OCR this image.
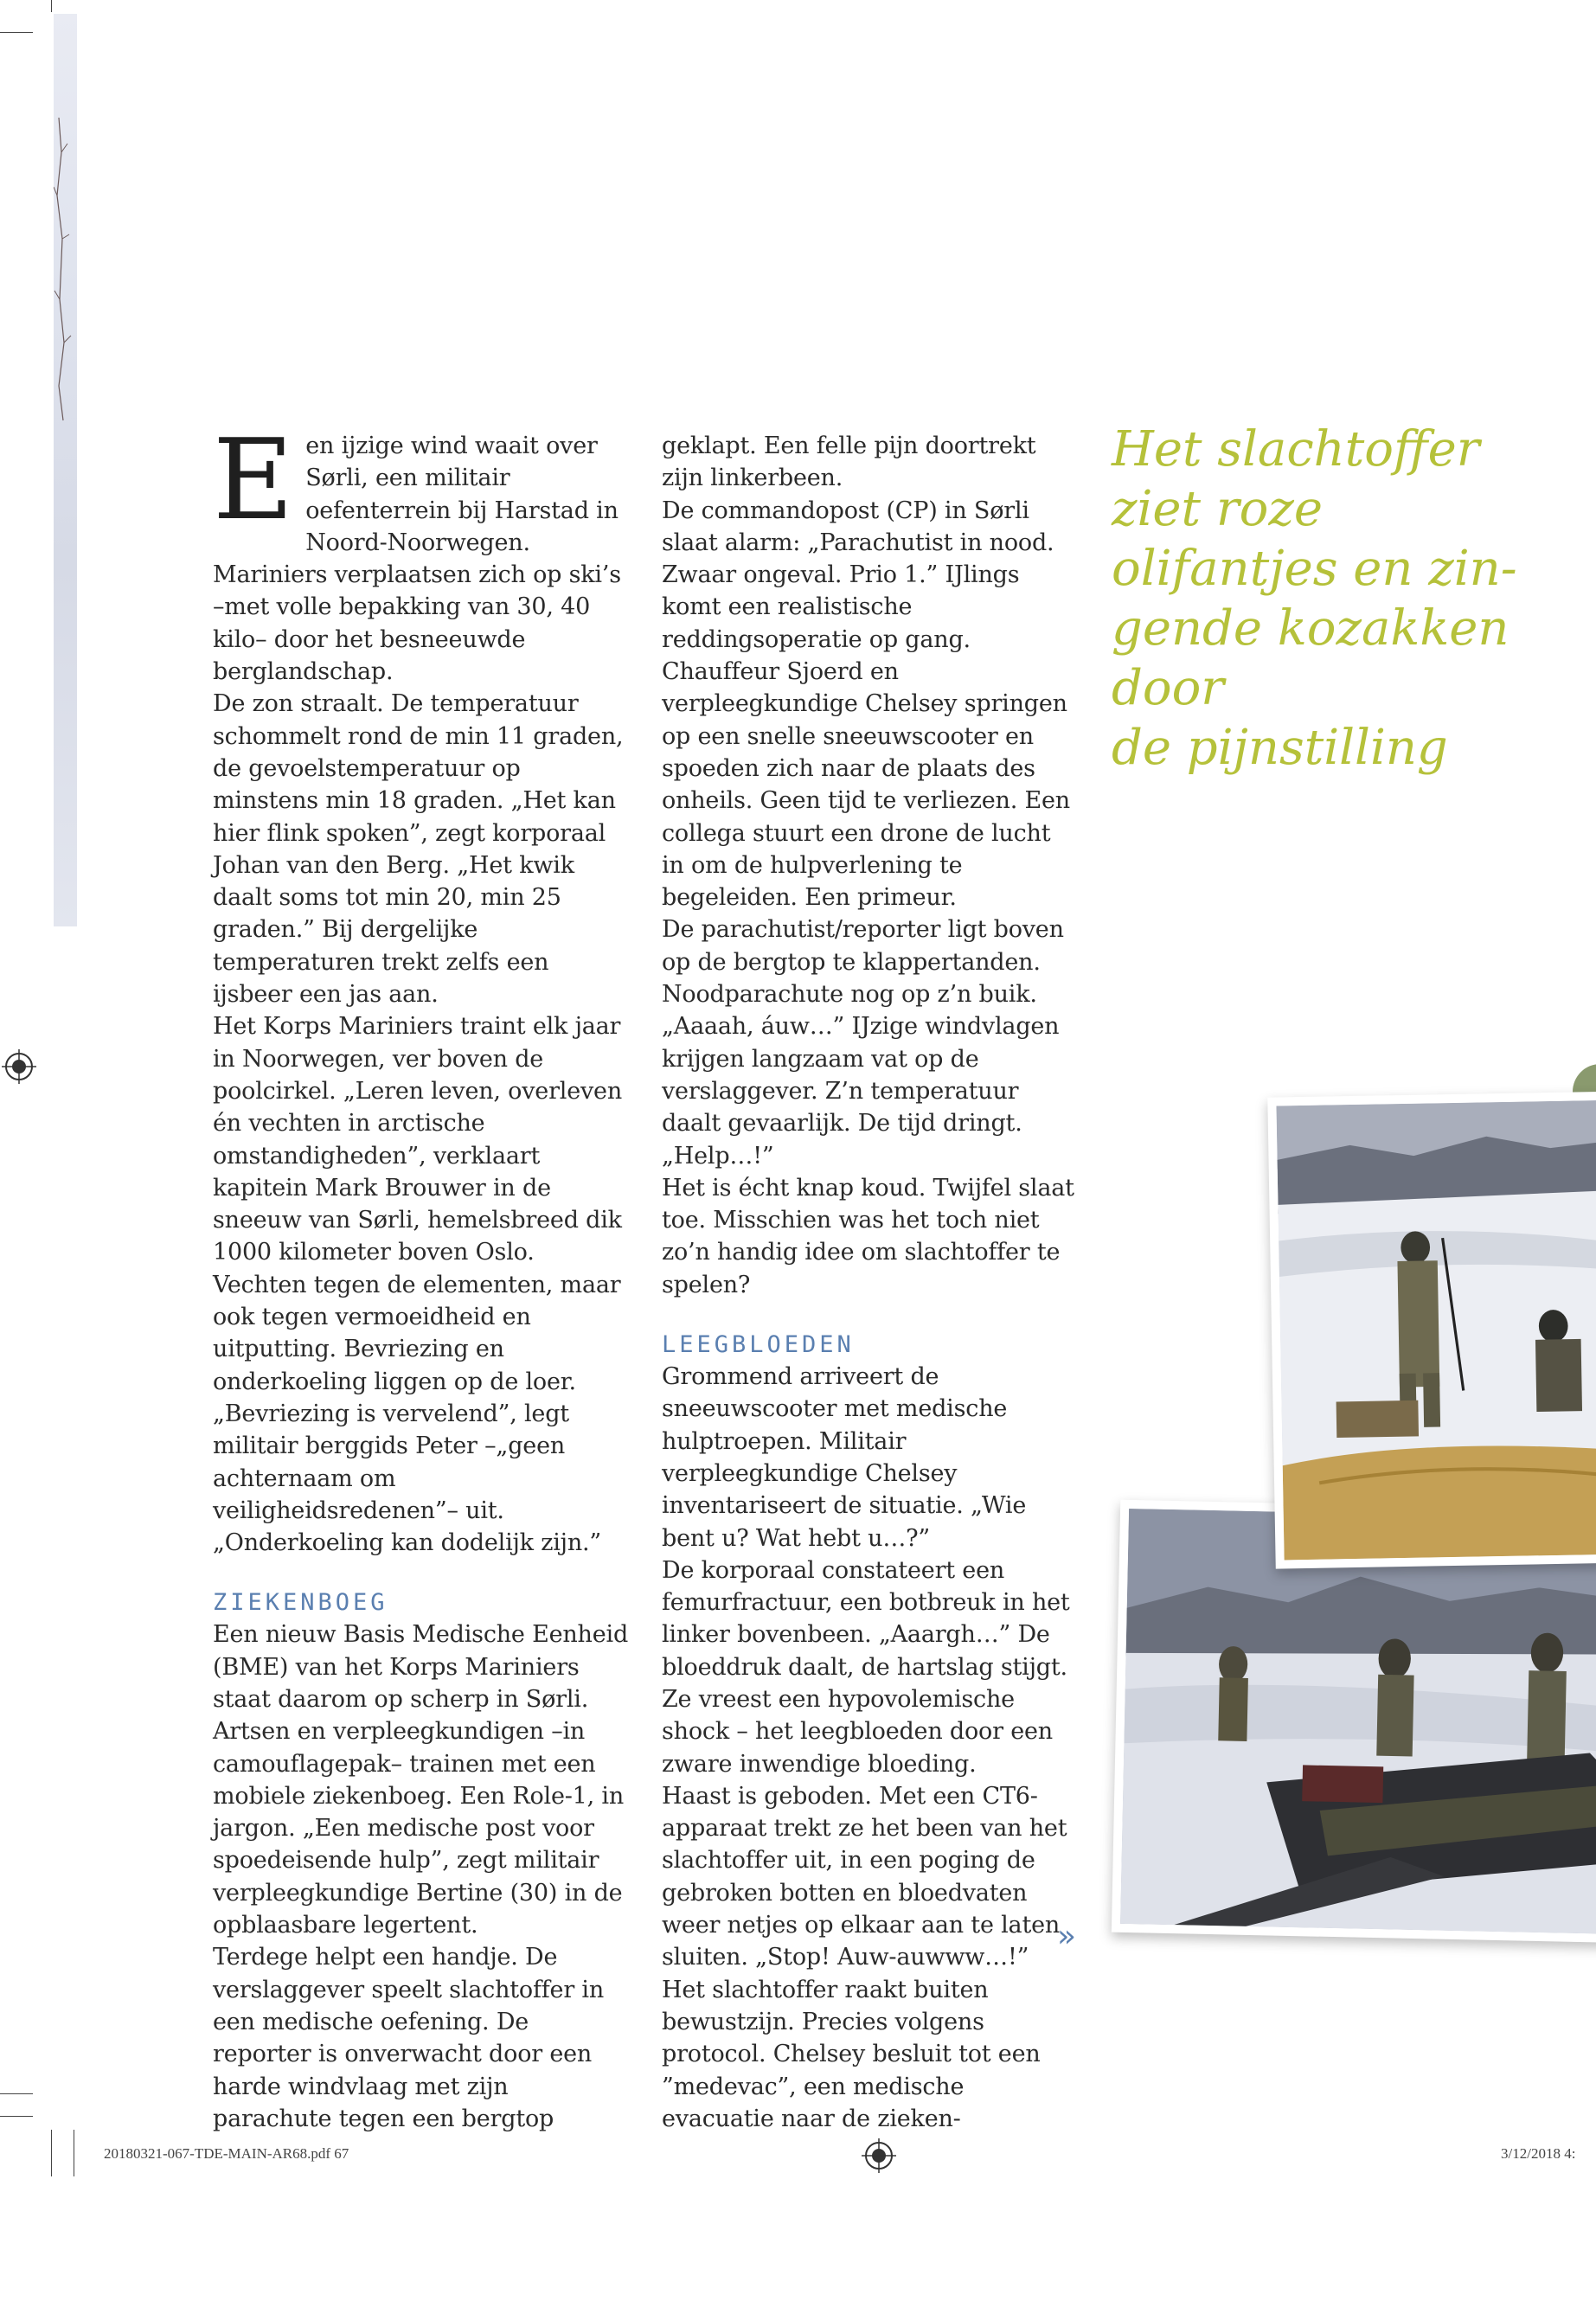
Een ijzige wind waait over Sørli, een militair oefenterrein bij Harstad in Noord-Noorwegen. Mariniers verplaatsen zich op ski’s –met volle bepakking van 30, 40 kilo– door het besneeuwde berglandschap.

De zon straalt. De temperatuur schommelt rond de min 11 graden, de gevoelstemperatuur op minstens min 18 graden. „Het kan hier flink spoken”, zegt korporaal Johan van den Berg. „Het kwik daalt soms tot min 20, min 25 graden.” Bij dergelijke temperaturen trekt zelfs een ijsbeer een jas aan.

Het Korps Mariniers traint elk jaar in Noorwegen, ver boven de poolcirkel. „Leren leven, overleven én vechten in arctische omstandigheden”, verklaart kapitein Mark Brouwer in de sneeuw van Sørli, hemelsbreed dik 1000 kilometer boven Oslo.

Vechten tegen de elementen, maar ook tegen vermoeidheid en uitputting. Bevriezing en onderkoeling liggen op de loer. „Bevriezing is vervelend”, legt militair berggids Peter –„geen achternaam om veiligheidsredenen”– uit. „Onderkoeling kan dodelijk zijn.”

ZIEKENBOEG

Een nieuw Basis Medische Eenheid (BME) van het Korps Mariniers staat daarom op scherp in Sørli. Artsen en verpleegkundigen –in camouflagepak– trainen met een mobiele ziekenboeg. Een Role-1, in jargon. „Een medische post voor spoedeisende hulp”, zegt militair verpleegkundige Bertine (30) in de opblaasbare legertent.

Terdege helpt een handje. De verslaggever speelt slachtoffer in een medische oefening. De reporter is onverwacht door een harde windvlaag met zijn parachute tegen een bergtop

geklapt. Een felle pijn doortrekt zijn linkerbeen.

De commandopost (CP) in Sørli slaat alarm: „Parachutist in nood. Zwaar ongeval. Prio 1.” IJlings komt een realistische reddingsoperatie op gang. Chauffeur Sjoerd en verpleegkundige Chelsey springen op een snelle sneeuwscooter en spoeden zich naar de plaats des onheils. Geen tijd te verliezen. Een collega stuurt een drone de lucht in om de hulpverlening te begeleiden. Een primeur.

De parachutist/reporter ligt boven op de bergtop te klappertanden. Noodparachute nog op z’n buik. „Aaaah, áuw…” IJzige windvlagen krijgen langzaam vat op de verslaggever. Z’n temperatuur daalt gevaarlijk. De tijd dringt. „Help…!”

Het is écht knap koud. Twijfel slaat toe. Misschien was het toch niet zo’n handig idee om slachtoffer te spelen?

LEEGBLOEDEN

Grommend arriveert de sneeuwscooter met medische hulptroepen. Militair verpleegkundige Chelsey inventariseert de situatie. „Wie bent u? Wat hebt u…?”

De korporaal constateert een femurfractuur, een botbreuk in het linker bovenbeen. „Aaargh…” De bloeddruk daalt, de hartslag stijgt. Ze vreest een hypovolemische shock – het leegbloeden door een zware inwendige bloeding.

Haast is geboden. Met een CT6-apparaat trekt ze het been van het slachtoffer uit, in een poging de gebroken botten en bloedvaten weer netjes op elkaar aan te laten sluiten. „Stop! Auw-auwww…!”

Het slachtoffer raakt buiten bewustzijn. Precies volgens protocol. Chelsey besluit tot een ”medevac”, een medische evacuatie naar de zieken-

»

Het slachtoffer

ziet roze

olifantjes en zin-

gende kozakken

door

de pijnstilling

20180321-067-TDE-MAIN-AR68.pdf 67	3/12/2018 4:
